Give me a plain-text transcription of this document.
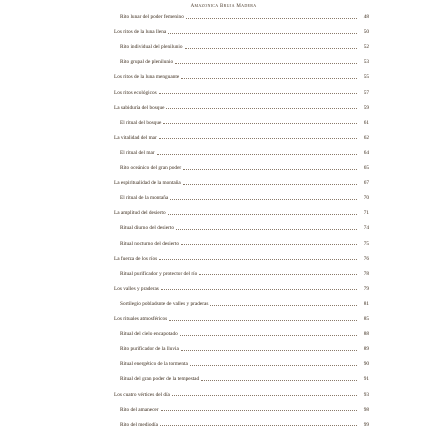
Amazonica Bruja Madera
Rito lunar del poder femenino	48
Los ritos de la luna llena	50
Rito individual del plenilunio	52
Rito grupal de plenilunio	53
Los ritos de la luna menguante	55
Los ritos ecológicos	57
La sabiduría del bosque	59
El ritual del bosque	61
La vitalidad del mar	62
El ritual del mar	64
Rito oceánico del gran poder	65
La espiritualidad de la montaña	67
El ritual de la montaña	70
La amplitud del desierto	71
Ritual diurno del desierto	74
Ritual nocturno del desierto	75
La fuerza de los ríos	76
Ritual purificador y protector del río	78
Los valles y praderas	79
Sortilegio pobladsnte de valles y praderas	81
Los rituales atmosféricos	85
Ritual del cielo encapotado	88
Rito purificador de la lluvia	89
Ritual energético de la tormenta	90
Ritual del gran poder de la tempestad	91
Los cuatro vértices del día	93
Rito del amanecer	98
Rito del mediodía	99
